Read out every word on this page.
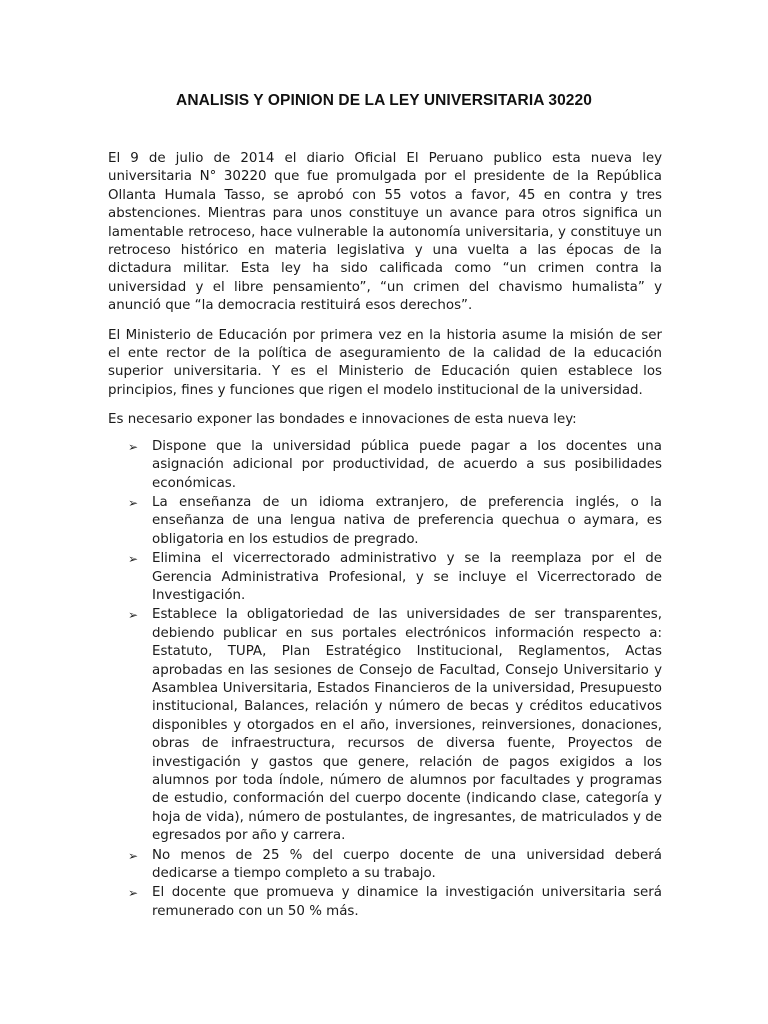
ANALISIS Y OPINION DE LA LEY UNIVERSITARIA 30220

El 9 de julio de 2014 el diario Oficial El Peruano publico esta nueva ley universitaria N° 30220 que fue promulgada por el presidente de la República Ollanta Humala Tasso, se aprobó con 55 votos a favor, 45 en contra y tres abstenciones. Mientras para unos constituye un avance para otros significa un lamentable retroceso, hace vulnerable la autonomía universitaria, y constituye un retroceso histórico en materia legislativa y una vuelta a las épocas de la dictadura militar. Esta ley ha sido calificada como “un crimen contra la universidad y el libre pensamiento”, “un crimen del chavismo humalista” y anunció que “la democracia restituirá esos derechos”.

El Ministerio de Educación por primera vez en la historia asume la misión de ser el ente rector de la política de aseguramiento de la calidad de la educación superior universitaria. Y es el Ministerio de Educación quien establece los principios, fines y funciones que rigen el modelo institucional de la universidad.

Es necesario exponer las bondades e innovaciones de esta nueva ley:

➢ Dispone que la universidad pública puede pagar a los docentes una asignación adicional por productividad, de acuerdo a sus posibilidades económicas.
➢ La enseñanza de un idioma extranjero, de preferencia inglés, o la enseñanza de una lengua nativa de preferencia quechua o aymara, es obligatoria en los estudios de pregrado.
➢ Elimina el vicerrectorado administrativo y se la reemplaza por el de Gerencia Administrativa Profesional, y se incluye el Vicerrectorado de Investigación.
➢ Establece la obligatoriedad de las universidades de ser transparentes, debiendo publicar en sus portales electrónicos información respecto a: Estatuto, TUPA, Plan Estratégico Institucional, Reglamentos, Actas aprobadas en las sesiones de Consejo de Facultad, Consejo Universitario y Asamblea Universitaria, Estados Financieros de la universidad, Presupuesto institucional, Balances, relación y número de becas y créditos educativos disponibles y otorgados en el año, inversiones, reinversiones, donaciones, obras de infraestructura, recursos de diversa fuente, Proyectos de investigación y gastos que genere, relación de pagos exigidos a los alumnos por toda índole, número de alumnos por facultades y programas de estudio, conformación del cuerpo docente (indicando clase, categoría y hoja de vida), número de postulantes, de ingresantes, de matriculados y de egresados por año y carrera.
➢ No menos de 25 % del cuerpo docente de una universidad deberá dedicarse a tiempo completo a su trabajo.
➢ El docente que promueva y dinamice la investigación universitaria será remunerado con un 50 % más.
